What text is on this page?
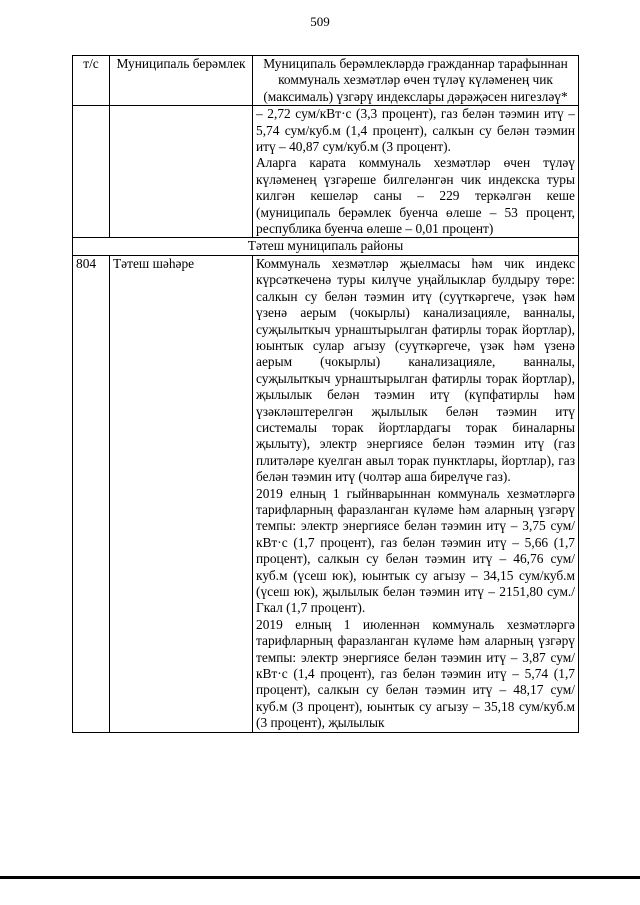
509
т/с	Муниципаль берәмлек	Муниципаль берәмлекләрдә гражданнар тарафыннан коммуналь хезмәтләр өчен түләү күләменең чик (максималь) үзгәрү индекслары дәрәҗәсен нигезләү*

		– 2,72 сум/кВт·с (3,3 процент), газ белән тәэмин итү – 5,74 сум/куб.м (1,4 процент), салкын су белән тәэмин итү – 40,87 сум/куб.м (3 процент).

Аларга карата коммуналь хезмәтләр өчен түләү күләменең үзгәреше билгеләнгән чик индекска туры килгән кешеләр саны – 229 теркәлгән кеше (муниципаль берәмлек буенча өлеше – 53 процент, республика буенча өлеше – 0,01 процент)

Тәтеш муниципаль районы		
804	Тәтеш шәһәре	Коммуналь хезмәтләр җыелмасы һәм чик индекс күрсәткеченә туры килүче уңайлыклар булдыру төре: салкын су белән тәэмин итү (суүткәргече, үзәк һәм үзенә аерым (чокырлы) канализацияле, ванналы, суҗылыткыч урнаштырылган фатирлы торак йортлар), юынтык сулар агызу (суүткәргече, үзәк һәм үзенә аерым (чокырлы) канализацияле, ванналы, суҗылыткыч урнаштырылган фатирлы торак йортлар), җылылык белән тәэмин итү (күпфатирлы һәм үзәкләштерелгән җылылык белән тәэмин итү системалы торак йортлардагы торак биналарны җылыту), электр энергиясе белән тәэмин итү (газ плитәләре куелган авыл торак пунктлары, йортлар), газ белән тәэмин итү (чолтәр аша бирелүче газ).

2019 елның 1 гыйнварыннан коммуналь хезмәтләргә тарифларның фаразланган күләме һәм аларның үзгәрү темпы: электр энергиясе белән тәэмин итү – 3,75 сум/кВт·с (1,7 процент), газ белән тәэмин итү – 5,66 (1,7 процент), салкын су белән тәэмин итү – 46,76 сум/куб.м (үсеш юк), юынтык су агызу – 34,15 сум/куб.м (үсеш юк), җылылык белән тәэмин итү – 2151,80 сум./Гкал (1,7 процент).

2019 елның 1 июленнән коммуналь хезмәтләргә тарифларның фаразланган күләме һәм аларның үзгәрү темпы: электр энергиясе белән тәэмин итү – 3,87 сум/кВт·с (1,4 процент), газ белән тәэмин итү – 5,74 (1,7 процент), салкын су белән тәэмин итү – 48,17 сум/куб.м (3 процент), юынтык су агызу – 35,18 сум/куб.м (3 процент), җылылык
